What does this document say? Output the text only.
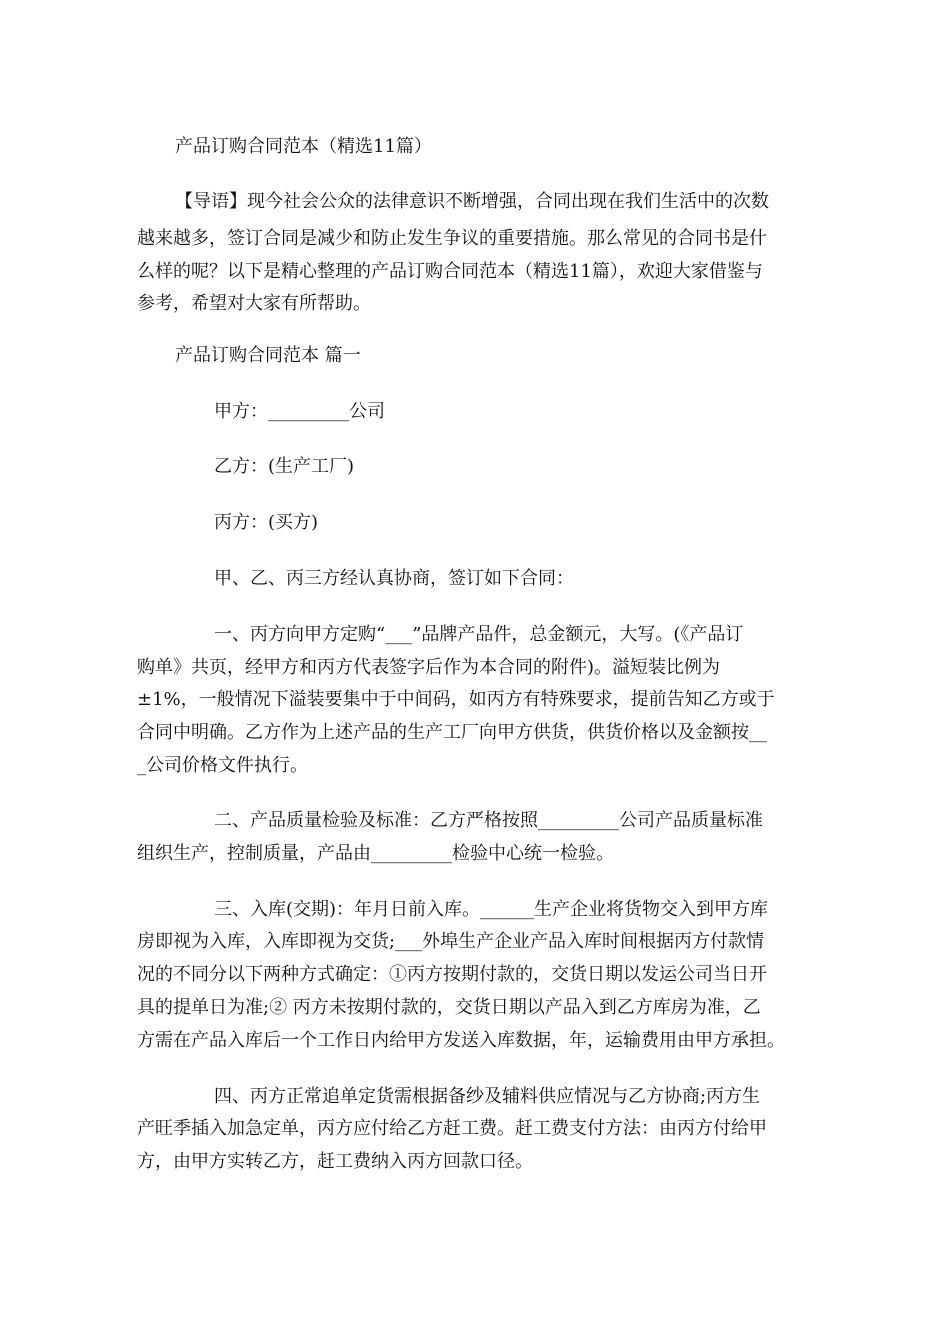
产品订购合同范本（精选11篇）
【导语】现今社会公众的法律意识不断增强，合同出现在我们生活中的次数
越来越多，签订合同是减少和防止发生争议的重要措施。那么常见的合同书是什
么样的呢？以下是精心整理的产品订购合同范本（精选11篇），欢迎大家借鉴与
参考，希望对大家有所帮助。
产品订购合同范本 篇一
甲方：_________公司
乙方：(生产工厂)
丙方：(买方)
甲、乙、丙三方经认真协商，签订如下合同：
一、丙方向甲方定购“___”品牌产品件，总金额元，大写。(《产品订
购单》共页，经甲方和丙方代表签字后作为本合同的附件)。溢短装比例为
±1%，一般情况下溢装要集中于中间码，如丙方有特殊要求，提前告知乙方或于
合同中明确。乙方作为上述产品的生产工厂向甲方供货，供货价格以及金额按__
_公司价格文件执行。
二、产品质量检验及标准：乙方严格按照_________公司产品质量标准
组织生产，控制质量，产品由_________检验中心统一检验。
三、入库(交期)：年月日前入库。______生产企业将货物交入到甲方库
房即视为入库，入库即视为交货;___外埠生产企业产品入库时间根据丙方付款情
况的不同分以下两种方式确定：①丙方按期付款的，交货日期以发运公司当日开
具的提单日为准;② 丙方未按期付款的，交货日期以产品入到乙方库房为准，乙
方需在产品入库后一个工作日内给甲方发送入库数据，年，运输费用由甲方承担。
四、丙方正常追单定货需根据备纱及辅料供应情况与乙方协商;丙方生
产旺季插入加急定单，丙方应付给乙方赶工费。赶工费支付方法：由丙方付给甲
方，由甲方实转乙方，赶工费纳入丙方回款口径。
